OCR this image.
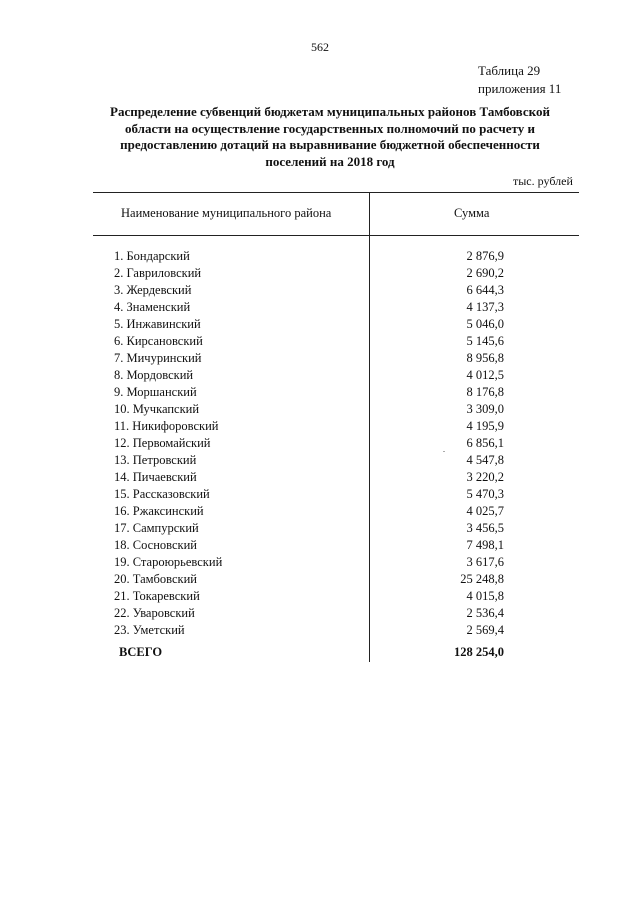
562
Таблица 29
приложения 11
Распределение субвенций бюджетам муниципальных районов Тамбовской области на осуществление государственных полномочий по расчету и предоставлению дотаций на выравнивание бюджетной обеспеченности поселений на 2018 год
тыс. рублей
Наименование муниципального района	Сумма
1. Бондарский	2 876,9
2. Гавриловский	2 690,2
3. Жердевский	6 644,3
4. Знаменский	4 137,3
5. Инжавинский	5 046,0
6. Кирсановский	5 145,6
7. Мичуринский	8 956,8
8. Мордовский	4 012,5
9. Моршанский	8 176,8
10. Мучкапский	3 309,0
11. Никифоровский	4 195,9
12. Первомайский	6 856,1
13. Петровский	4 547,8
14. Пичаевский	3 220,2
15. Рассказовский	5 470,3
16. Ржаксинский	4 025,7
17. Сампурский	3 456,5
18. Сосновский	7 498,1
19. Староюрьевский	3 617,6
20. Тамбовский	25 248,8
21. Токаревский	4 015,8
22. Уваровский	2 536,4
23. Уметский	2 569,4
ВСЕГО	128 254,0
